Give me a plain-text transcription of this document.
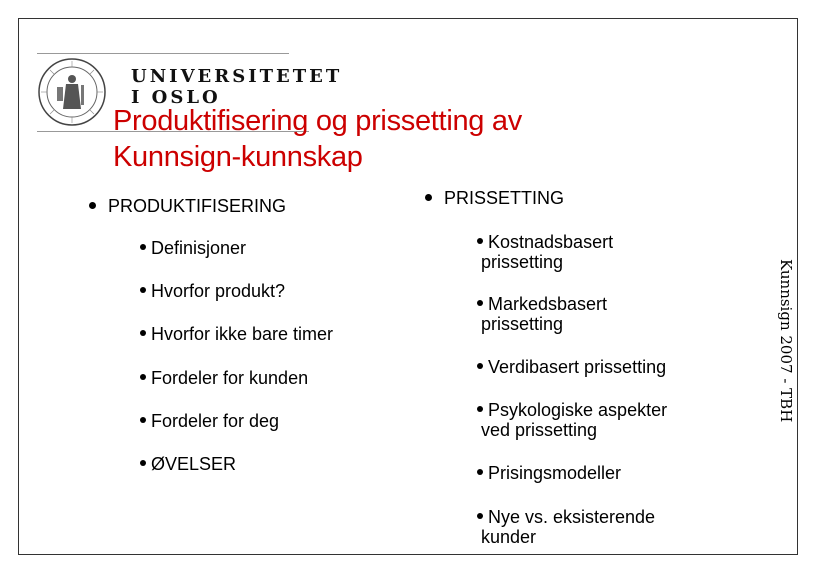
UNIVERSITETET
I OSLO
Produktifisering og prissetting av
Kunnsign-kunnskap
PRODUKTIFISERING
Definisjoner
Hvorfor produkt?
Hvorfor ikke bare timer
Fordeler for kunden
Fordeler for deg
ØVELSER
PRISSETTING
Kostnadsbasert
prissetting
Markedsbasert
prissetting
Verdibasert prissetting
Psykologiske aspekter
ved prissetting
Prisingsmodeller
Nye vs. eksisterende
kunder
Kunnsign 2007 - TBH
